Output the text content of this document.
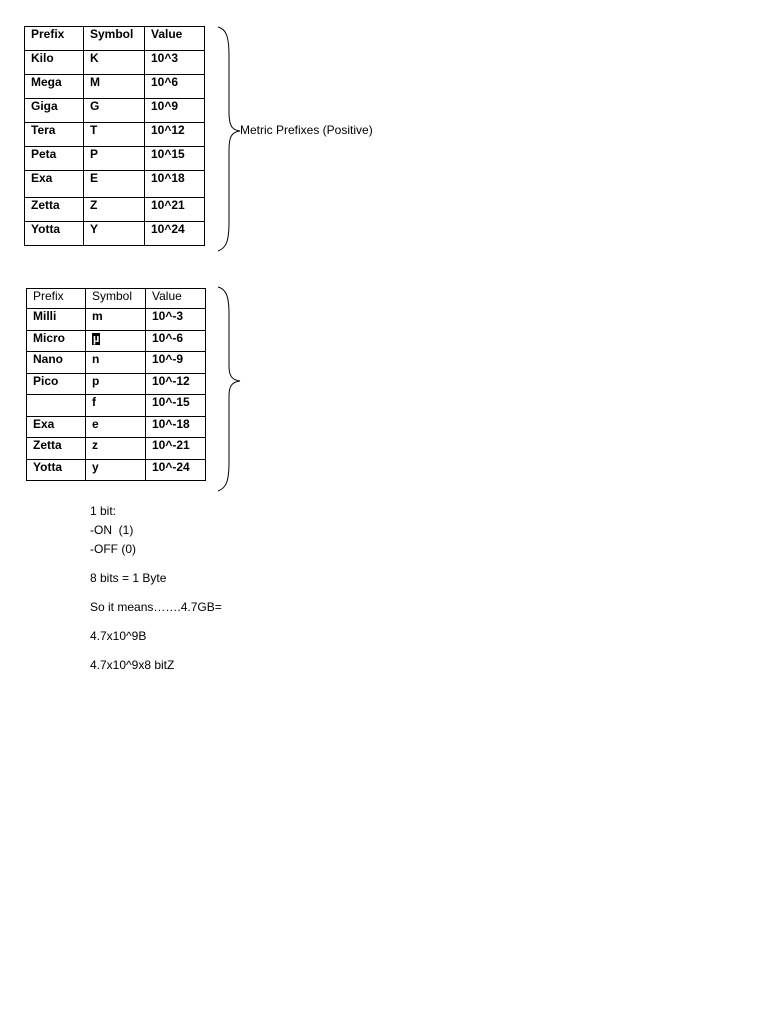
Prefix	Symbol	Value
Kilo	K	10^3
Mega	M	10^6
Giga	G	10^9
Tera	T	10^12
Peta	P	10^15
Exa	E	10^18
Zetta	Z	10^21
Yotta	Y	10^24
Metric Prefixes (Positive)
Prefix	Symbol	Value
Milli	m	10^-3
Micro	µ	10^-6
Nano	n	10^-9
Pico	p	10^-12
	f	10^-15
Exa	e	10^-18
Zetta	z	10^-21
Yotta	y	10^-24
1 bit:
-ON  (1)
-OFF (0)
8 bits = 1 Byte
So it means…….4.7GB=
4.7x10^9B
4.7x10^9x8 bitZ
